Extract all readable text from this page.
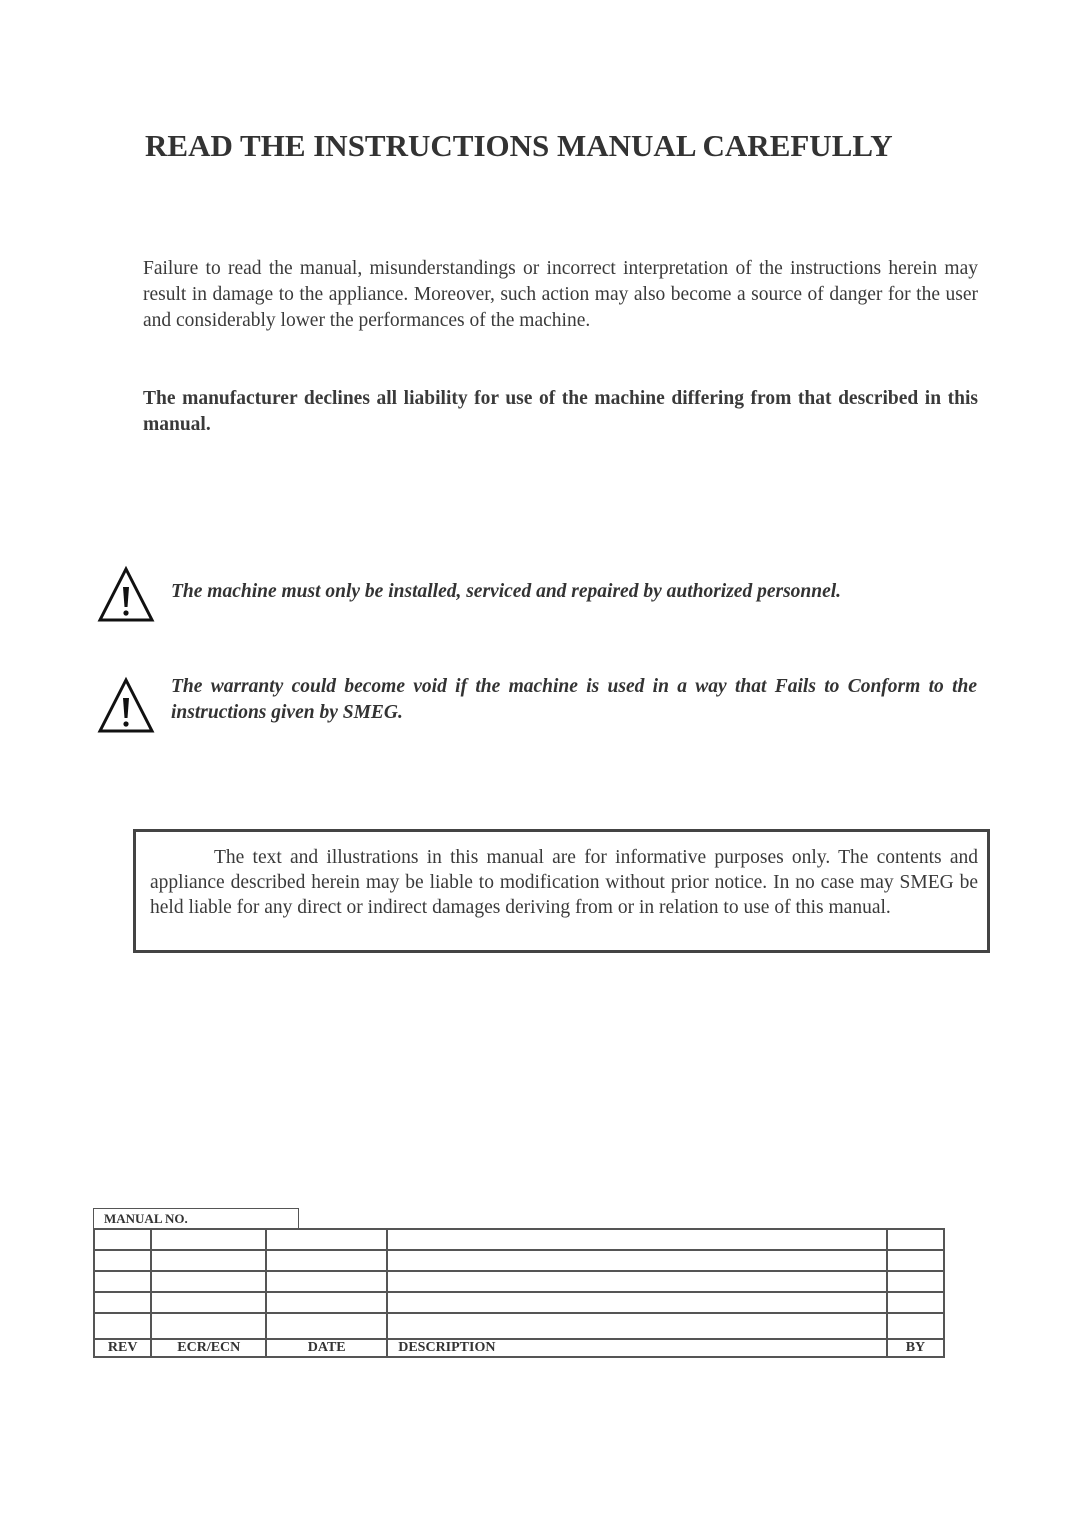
READ THE INSTRUCTIONS MANUAL CAREFULLY

Failure to read the manual, misunderstandings or incorrect interpretation of the instructions herein may result in damage to the appliance. Moreover, such action may also become a source of danger for the user and considerably lower the performances of the machine.

The manufacturer declines all liability for use of the machine differing from that described in this manual.

The machine must only be installed, serviced and repaired by authorized personnel.
The warranty could become void if the machine is used in a way that Fails to Conform to the instructions given by SMEG.

The text and illustrations in this manual are for informative purposes only. The contents and appliance described herein may be liable to modification without prior notice. In no case may SMEG be held liable for any direct or indirect damages deriving from or in relation to use of this manual.

MANUAL NO.

REV	ECR/ECN	DATE	DESCRIPTION	BY
